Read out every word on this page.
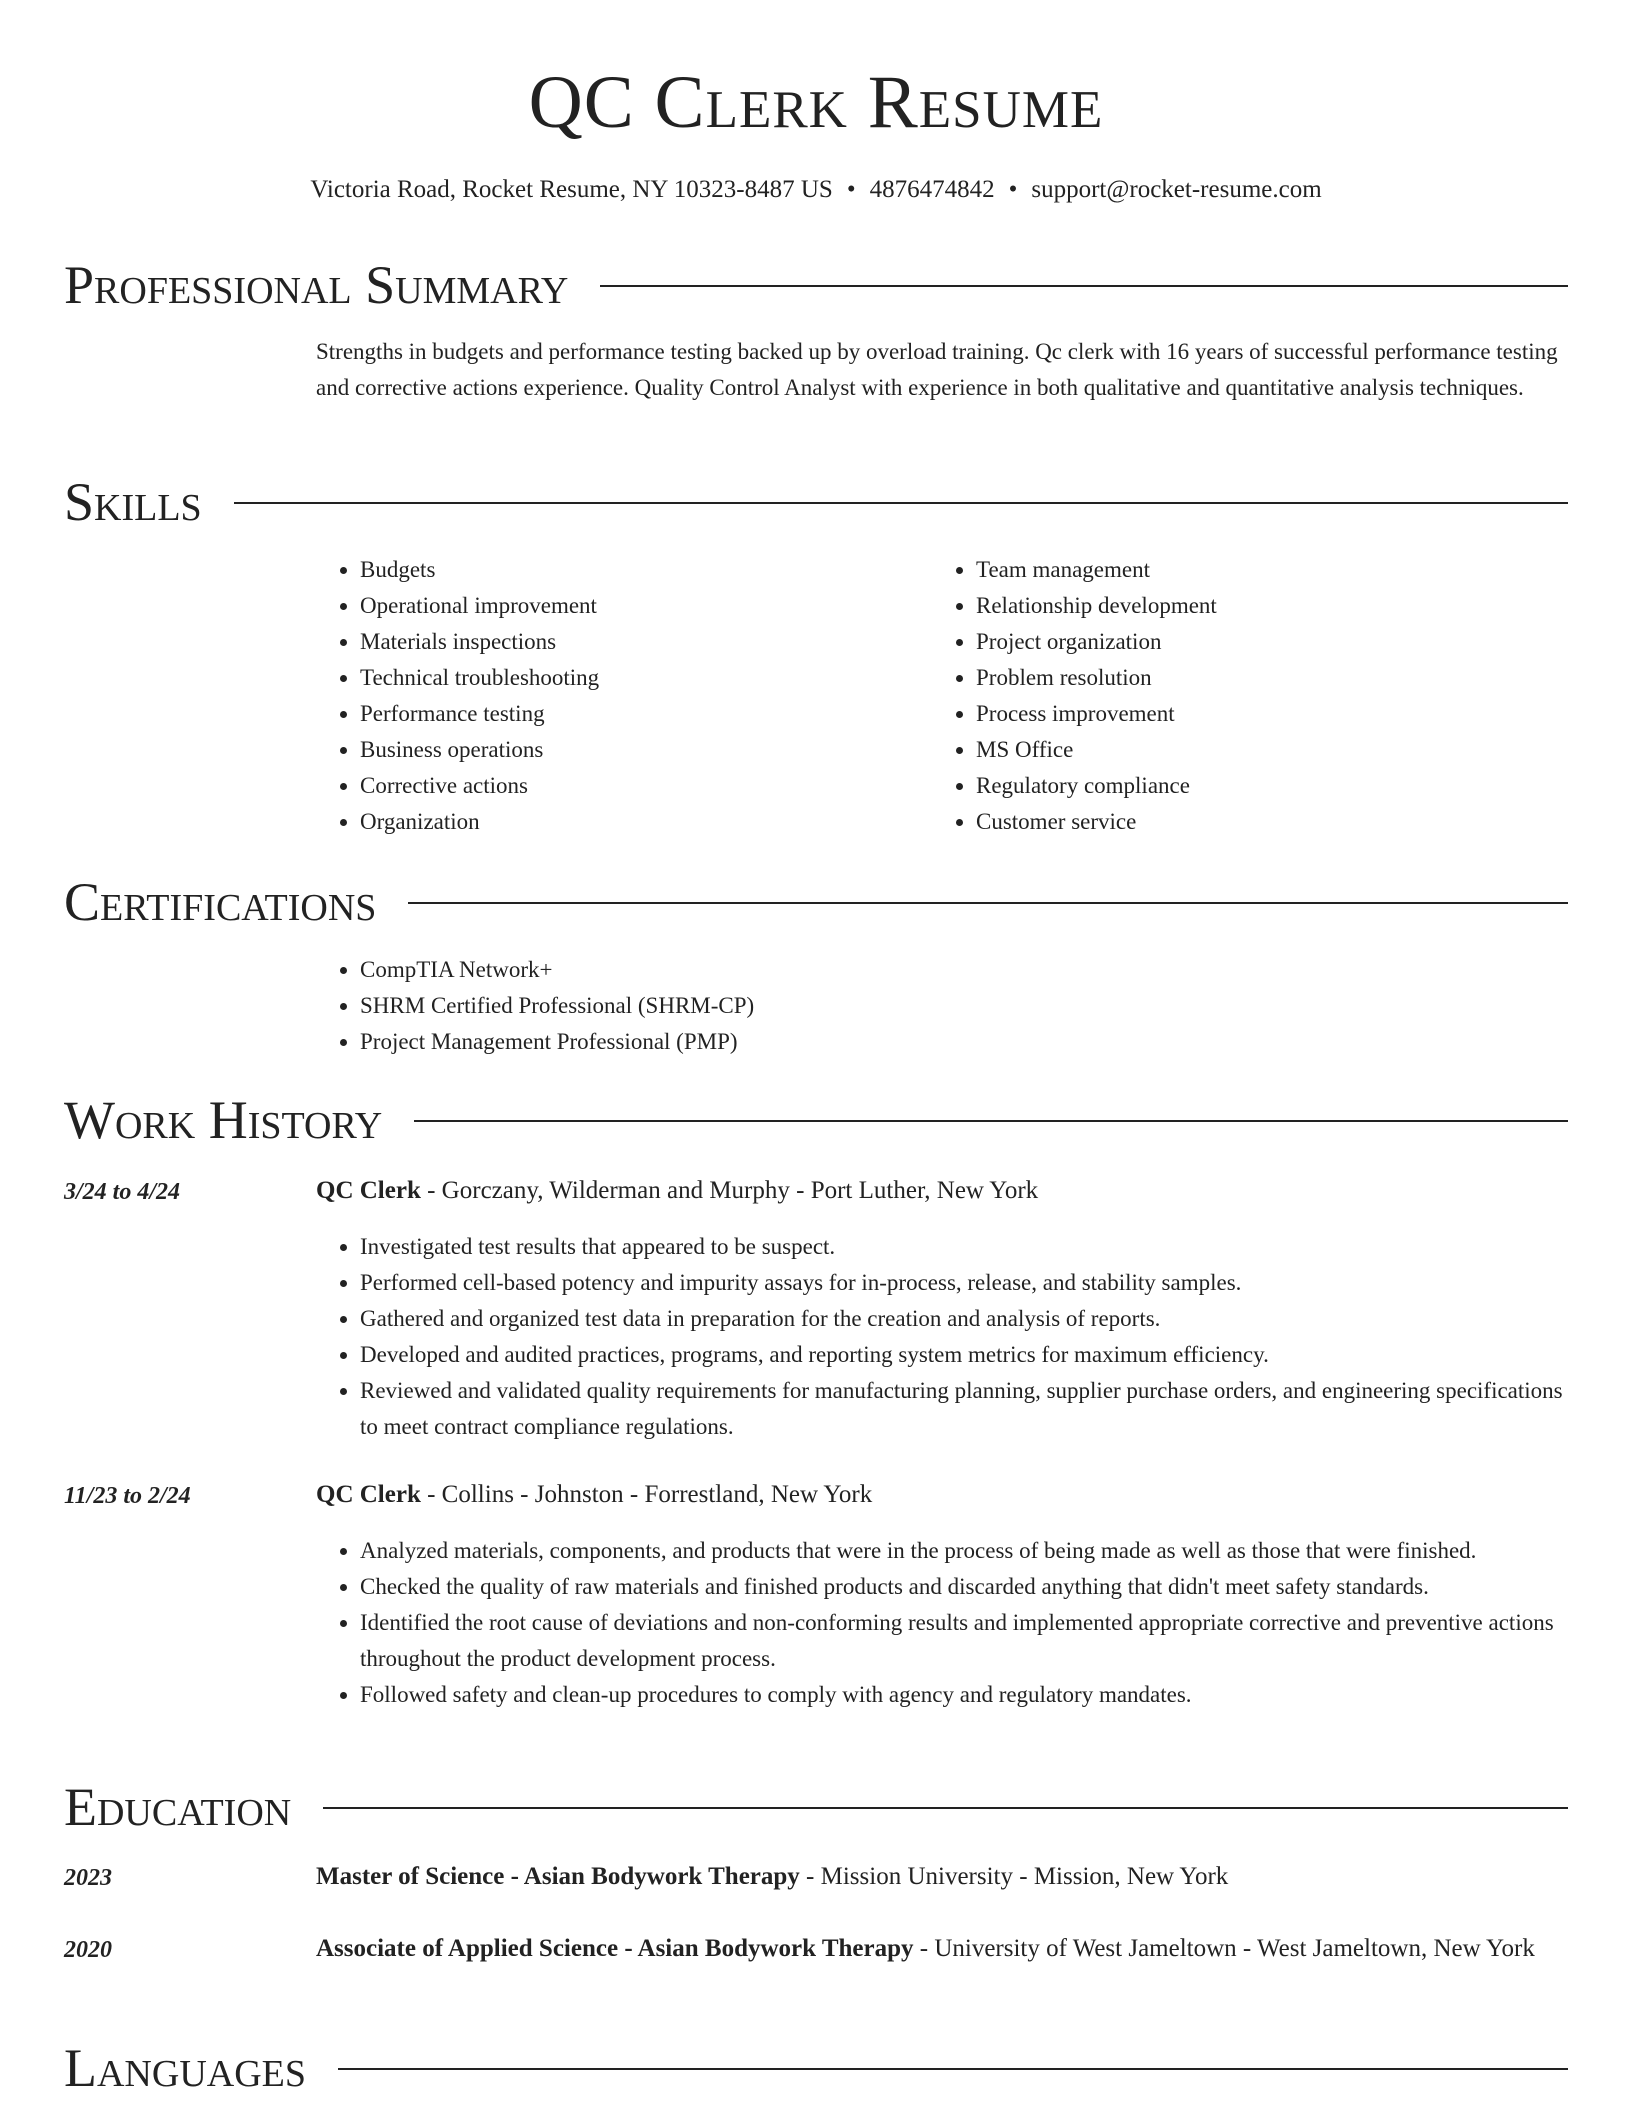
QC Clerk Resume
Victoria Road, Rocket Resume, NY 10323-8487 US • 4876474842 • support@rocket-resume.com
Professional Summary
Strengths in budgets and performance testing backed up by overload training. Qc clerk with 16 years of successful performance testing and corrective actions experience. Quality Control Analyst with experience in both qualitative and quantitative analysis techniques.
Skills
• Budgets
• Operational improvement
• Materials inspections
• Technical troubleshooting
• Performance testing
• Business operations
• Corrective actions
• Organization
• Team management
• Relationship development
• Project organization
• Problem resolution
• Process improvement
• MS Office
• Regulatory compliance
• Customer service
Certifications
• CompTIA Network+
• SHRM Certified Professional (SHRM-CP)
• Project Management Professional (PMP)
Work History
3/24 to 4/24	QC Clerk - Gorczany, Wilderman and Murphy - Port Luther, New York
• Investigated test results that appeared to be suspect.
• Performed cell-based potency and impurity assays for in-process, release, and stability samples.
• Gathered and organized test data in preparation for the creation and analysis of reports.
• Developed and audited practices, programs, and reporting system metrics for maximum efficiency.
• Reviewed and validated quality requirements for manufacturing planning, supplier purchase orders, and engineering specifications to meet contract compliance regulations.
11/23 to 2/24	QC Clerk - Collins - Johnston - Forrestland, New York
• Analyzed materials, components, and products that were in the process of being made as well as those that were finished.
• Checked the quality of raw materials and finished products and discarded anything that didn't meet safety standards.
• Identified the root cause of deviations and non-conforming results and implemented appropriate corrective and preventive actions throughout the product development process.
• Followed safety and clean-up procedures to comply with agency and regulatory mandates.
Education
2023	Master of Science - Asian Bodywork Therapy - Mission University - Mission, New York
2020	Associate of Applied Science - Asian Bodywork Therapy - University of West Jameltown - West Jameltown, New York
Languages
